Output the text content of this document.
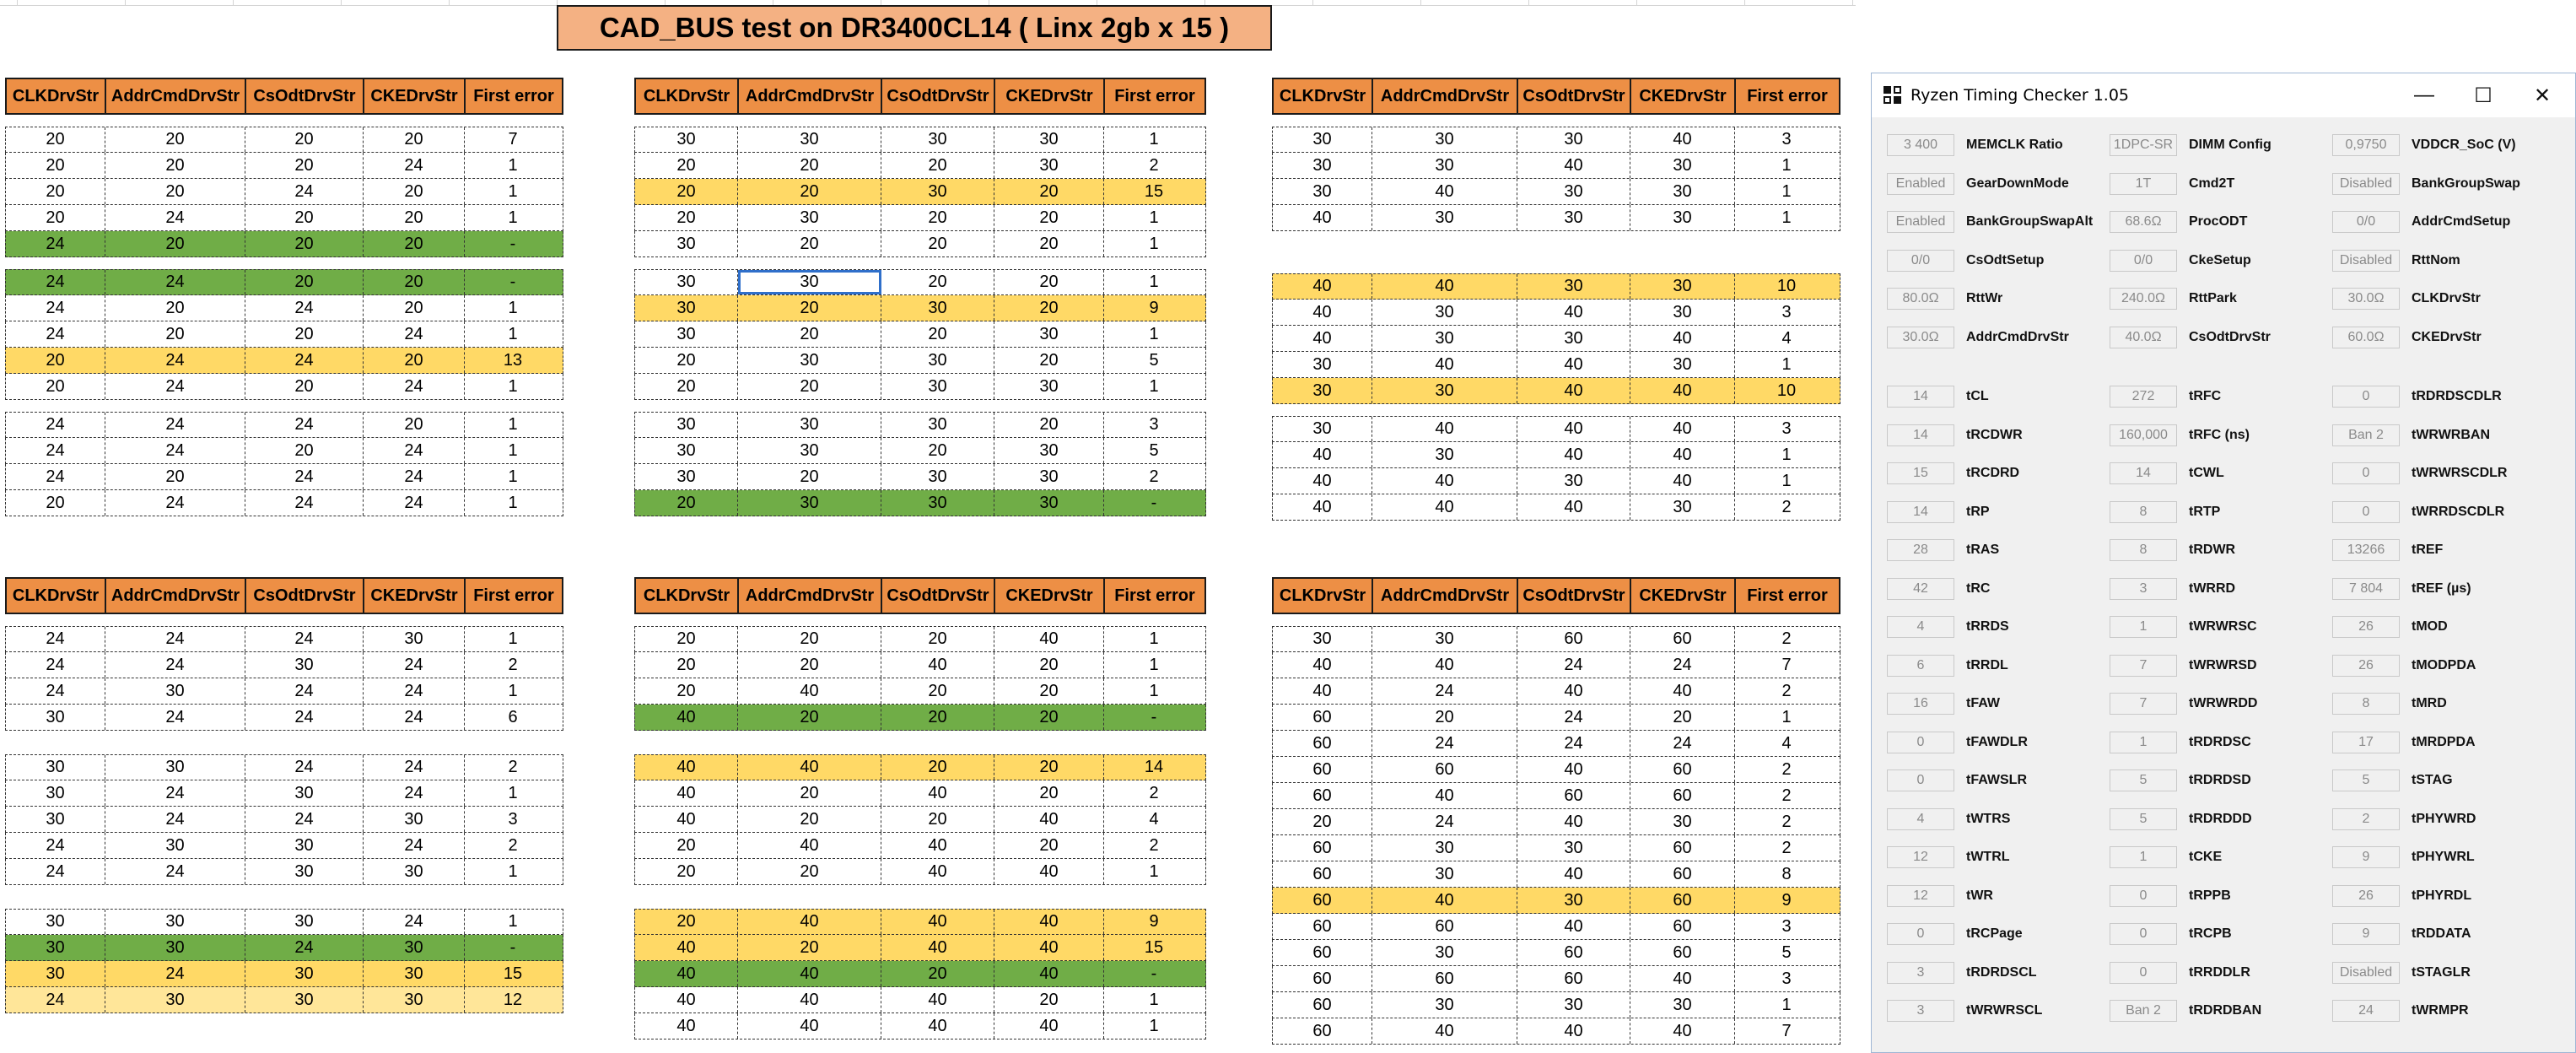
CAD_BUS test on DR3400CL14 ( Linx 2gb x 15 )
CLKDrvStr AddrCmdDrvStr CsOdtDrvStr CKEDrvStr First error
20	20	20	20	7
20	20	20	24	1
20	20	24	20	1
20	24	20	20	1
24	20	20	20	-
24	24	20	20	-
24	20	24	20	1
24	20	20	24	1
20	24	24	20	13
20	24	20	24	1
24	24	24	20	1
24	24	20	24	1
24	20	24	24	1
20	24	24	24	1
CLKDrvStr AddrCmdDrvStr CsOdtDrvStr CKEDrvStr	First error
30	30	30	30	1
20	20	20	30	2
20	20	30	20	15
20	30	20	20	1
30	20	20	20	1
30	30	20	20	1
30	20	30	20	9
30	20	20	30	1
20	30	30	20	5
20	20	30	30	1
30	30	30	20	3
30	30	20	30	5
30	20	30	30	2
20	30	30	30	-
CLKDrvStr AddrCmdDrvStr CsOdtDrvStr CKEDrvStr	First error
30	30	30	40	3
30	30	40	30	1
30	40	30	30	1
40	30	30	30	1
40	40	30	30	10
40	30	40	30	3
40	30	30	40	4
30	40	40	30	1
30	30	40	40	10
30	40	40	40	3
40	30	40	40	1
40	40	30	40	1
40	40	40	30	2
CLKDrvStr AddrCmdDrvStr CsOdtDrvStr CKEDrvStr First error
24	24	24	30	1
24	24	30	24	2
24	30	24	24	1
30	24	24	24	6
30	30	24	24	2
30	24	30	24	1
30	24	24	30	3
24	30	30	24	2
24	24	30	30	1
30	30	30	24	1
30	30	24	30	-
30	24	30	30	15
24	30	30	30	12
CLKDrvStr AddrCmdDrvStr CsOdtDrvStr CKEDrvStr	First error
20	20	20	40	1
20	20	40	20	1
20	40	20	20	1
40	20	20	20	-
40	40	20	20	14
40	20	40	20	2
40	20	20	40	4
20	40	40	20	2
20	20	40	40	1
20	40	40	40	9
40	20	40	40	15
40	40	20	40	-
40	40	40	20	1
40	40	40	40	1
CLKDrvStr AddrCmdDrvStr CsOdtDrvStr CKEDrvStr	First error
30	30	60	60	2
40	40	24	24	7
40	24	40	40	2
60	20	24	20	1
60	24	24	24	4
60	60	40	60	2
60	40	60	60	2
20	24	40	30	2
60	30	30	60	2
60	30	40	60	8
60	40	30	60	9
60	60	40	60	3
60	30	60	60	5
60	60	60	40	3
60	30	30	30	1
60	40	40	40	7
Ryzen Timing Checker 1.05	—	☐	✕
3 400	MEMCLK Ratio	1DPC-SR	DIMM Config	0,9750	VDDCR_SoC (V)
Enabled	GearDownMode	1T	Cmd2T	Disabled	BankGroupSwap
Enabled	BankGroupSwapAlt	68.6Ω	ProcODT	0/0	AddrCmdSetup
0/0	CsOdtSetup	0/0	CkeSetup	Disabled	RttNom
80.0Ω	RttWr	240.0Ω	RttPark	30.0Ω	CLKDrvStr
30.0Ω	AddrCmdDrvStr	40.0Ω	CsOdtDrvStr	60.0Ω	CKEDrvStr
14	tCL	272	tRFC	0	tRDRDSCDLR
14	tRCDWR	160,000	tRFC (ns)	Ban 2	tWRWRBAN
15	tRCDRD	14	tCWL	0	tWRWRSCDLR
14	tRP	8	tRTP	0	tWRRDSCDLR
28	tRAS	8	tRDWR	13266	tREF
42	tRC	3	tWRRD	7 804	tREF (µs)
4	tRRDS	1	tWRWRSC	26	tMOD
6	tRRDL	7	tWRWRSD	26	tMODPDA
16	tFAW	7	tWRWRDD	8	tMRD
0	tFAWDLR	1	tRDRDSC	17	tMRDPDA
0	tFAWSLR	5	tRDRDSD	5	tSTAG
4	tWTRS	5	tRDRDDD	2	tPHYWRD
12	tWTRL	1	tCKE	9	tPHYWRL
12	tWR	0	tRPPB	26	tPHYRDL
0	tRCPage	0	tRCPB	9	tRDDATA
3	tRDRDSCL	0	tRRDDLR	Disabled	tSTAGLR
3	tWRWRSCL	Ban 2	tRDRDBAN	24	tWRMPR
